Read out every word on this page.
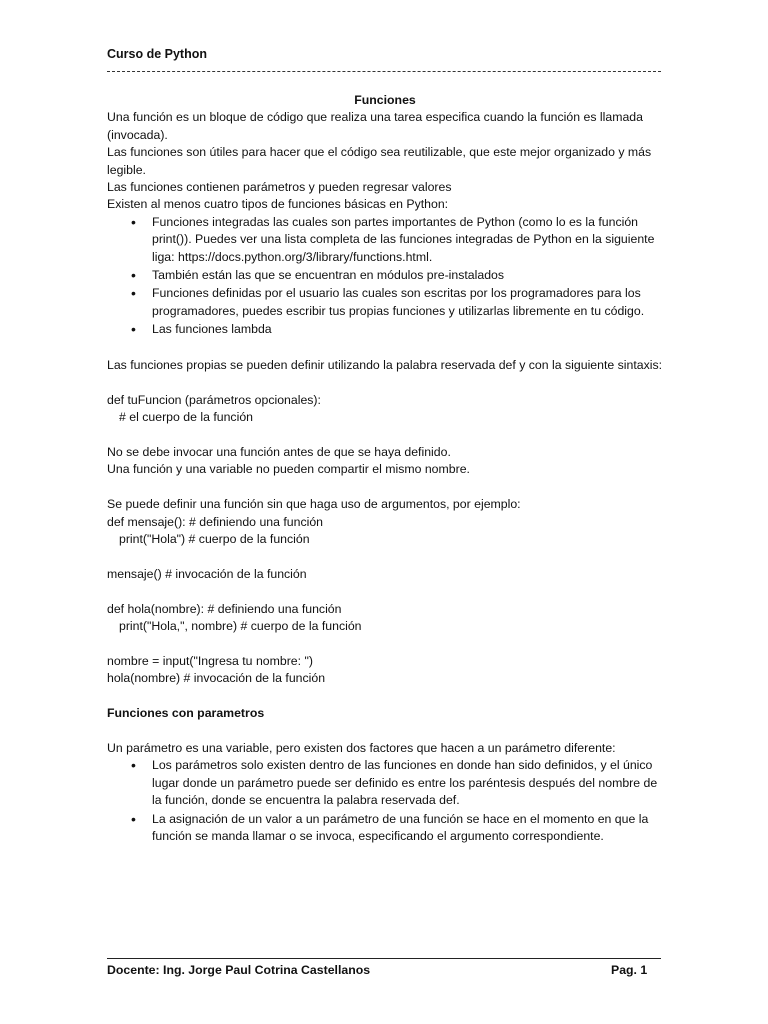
Curso de Python

Funciones

Una función es un bloque de código que realiza una tarea especifica cuando la función es llamada (invocada).

Las funciones son útiles para hacer que el código sea reutilizable, que este mejor organizado y más legible.

Las funciones contienen parámetros y pueden regresar valores

Existen al menos cuatro tipos de funciones básicas en Python:

• Funciones integradas las cuales son partes importantes de Python (como lo es la función print()). Puedes ver una lista completa de las funciones integradas de Python en la siguiente liga: https://docs.python.org/3/library/functions.html.
• También están las que se encuentran en módulos pre-instalados
• Funciones definidas por el usuario las cuales son escritas por los programadores para los programadores, puedes escribir tus propias funciones y utilizarlas libremente en tu código.
• Las funciones lambda

Las funciones propias se pueden definir utilizando la palabra reservada def y con la siguiente sintaxis:

def tuFuncion (parámetros opcionales):

# el cuerpo de la función

No se debe invocar una función antes de que se haya definido.

Una función y una variable no pueden compartir el mismo nombre.

Se puede definir una función sin que haga uso de argumentos, por ejemplo:

def mensaje(): # definiendo una función

print("Hola") # cuerpo de la función

mensaje() # invocación de la función

def hola(nombre): # definiendo una función

print("Hola,", nombre) # cuerpo de la función

nombre = input("Ingresa tu nombre: ")

hola(nombre) # invocación de la función

Funciones con parametros

Un parámetro es una variable, pero existen dos factores que hacen a un parámetro diferente:

• Los parámetros solo existen dentro de las funciones en donde han sido definidos, y el único lugar donde un parámetro puede ser definido es entre los paréntesis después del nombre de la función, donde se encuentra la palabra reservada def.
• La asignación de un valor a un parámetro de una función se hace en el momento en que la función se manda llamar o se invoca, especificando el argumento correspondiente.
Docente: Ing. Jorge Paul Cotrina Castellanos	Pag. 1
